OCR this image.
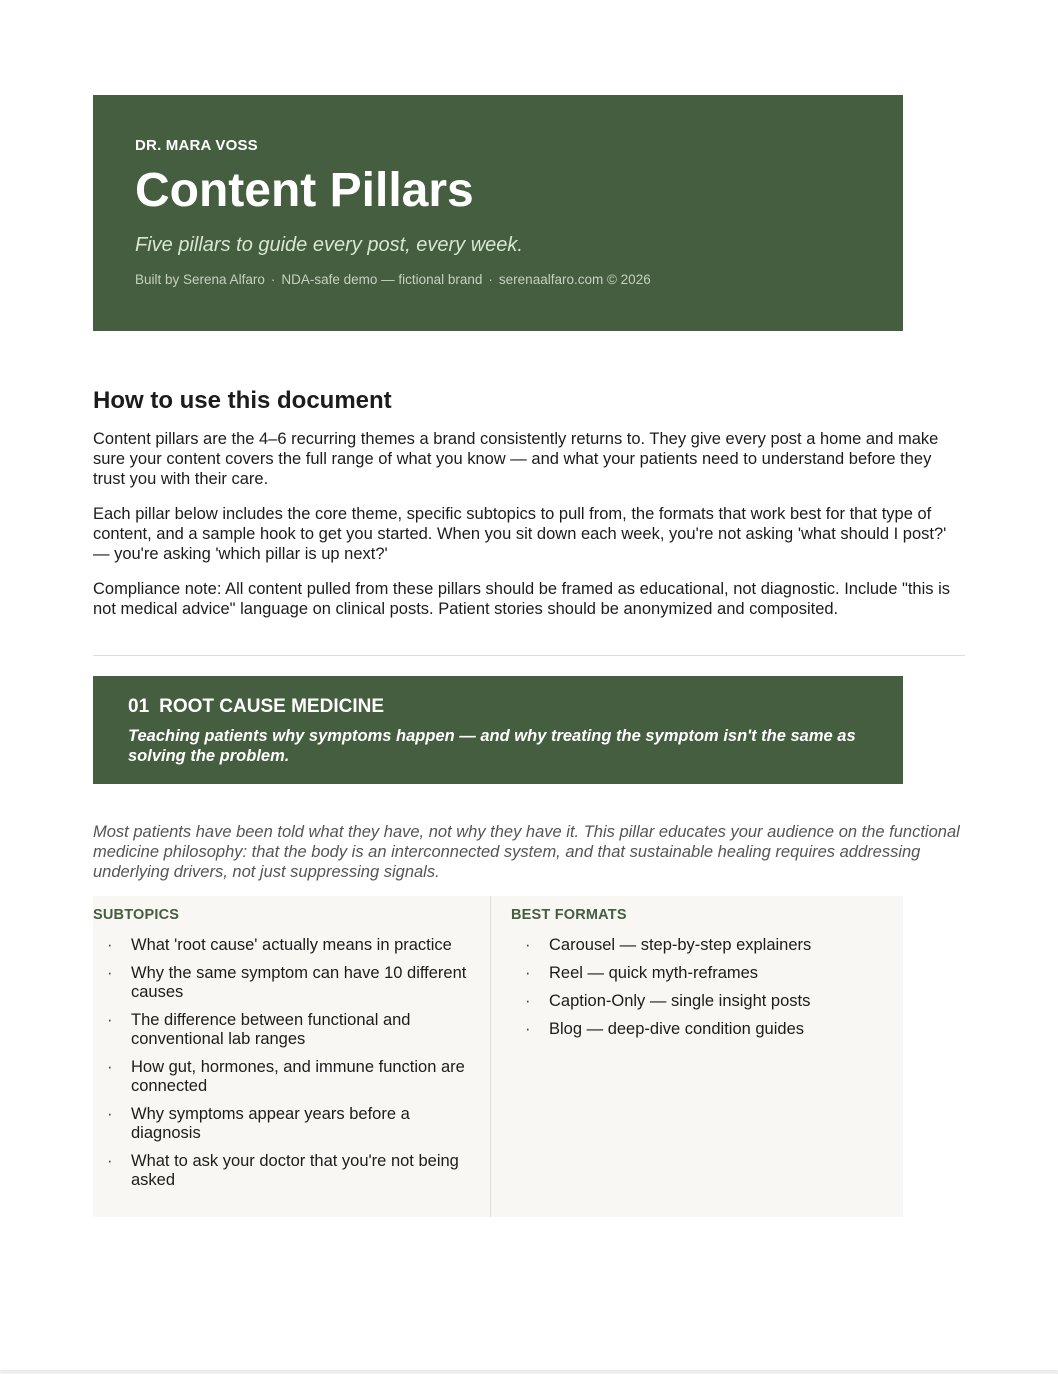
DR. MARA VOSS

Content Pillars

Five pillars to guide every post, every week.

Built by Serena Alfaro · NDA-safe demo — fictional brand · serenaalfaro.com © 2026

How to use this document

Content pillars are the 4–6 recurring themes a brand consistently returns to. They give every post a home and make sure your content covers the full range of what you know — and what your patients need to understand before they trust you with their care.

Each pillar below includes the core theme, specific subtopics to pull from, the formats that work best for that type of content, and a sample hook to get you started. When you sit down each week, you're not asking 'what should I post?' — you're asking 'which pillar is up next?'

Compliance note: All content pulled from these pillars should be framed as educational, not diagnostic. Include "this is not medical advice" language on clinical posts. Patient stories should be anonymized and composited.

01 ROOT CAUSE MEDICINE

Teaching patients why symptoms happen — and why treating the symptom isn't the same as solving the problem.

Most patients have been told what they have, not why they have it. This pillar educates your audience on the functional medicine philosophy: that the body is an interconnected system, and that sustainable healing requires addressing underlying drivers, not just suppressing signals.

SUBTOPICS
·	What 'root cause' actually means in practice
·	Why the same symptom can have 10 different causes
·	The difference between functional and conventional lab ranges
·	How gut, hormones, and immune function are connected
·	Why symptoms appear years before a diagnosis
·	What to ask your doctor that you're not being asked
BEST FORMATS
·	Carousel — step-by-step explainers
·	Reel — quick myth-reframes
·	Caption-Only — single insight posts
·	Blog — deep-dive condition guides
